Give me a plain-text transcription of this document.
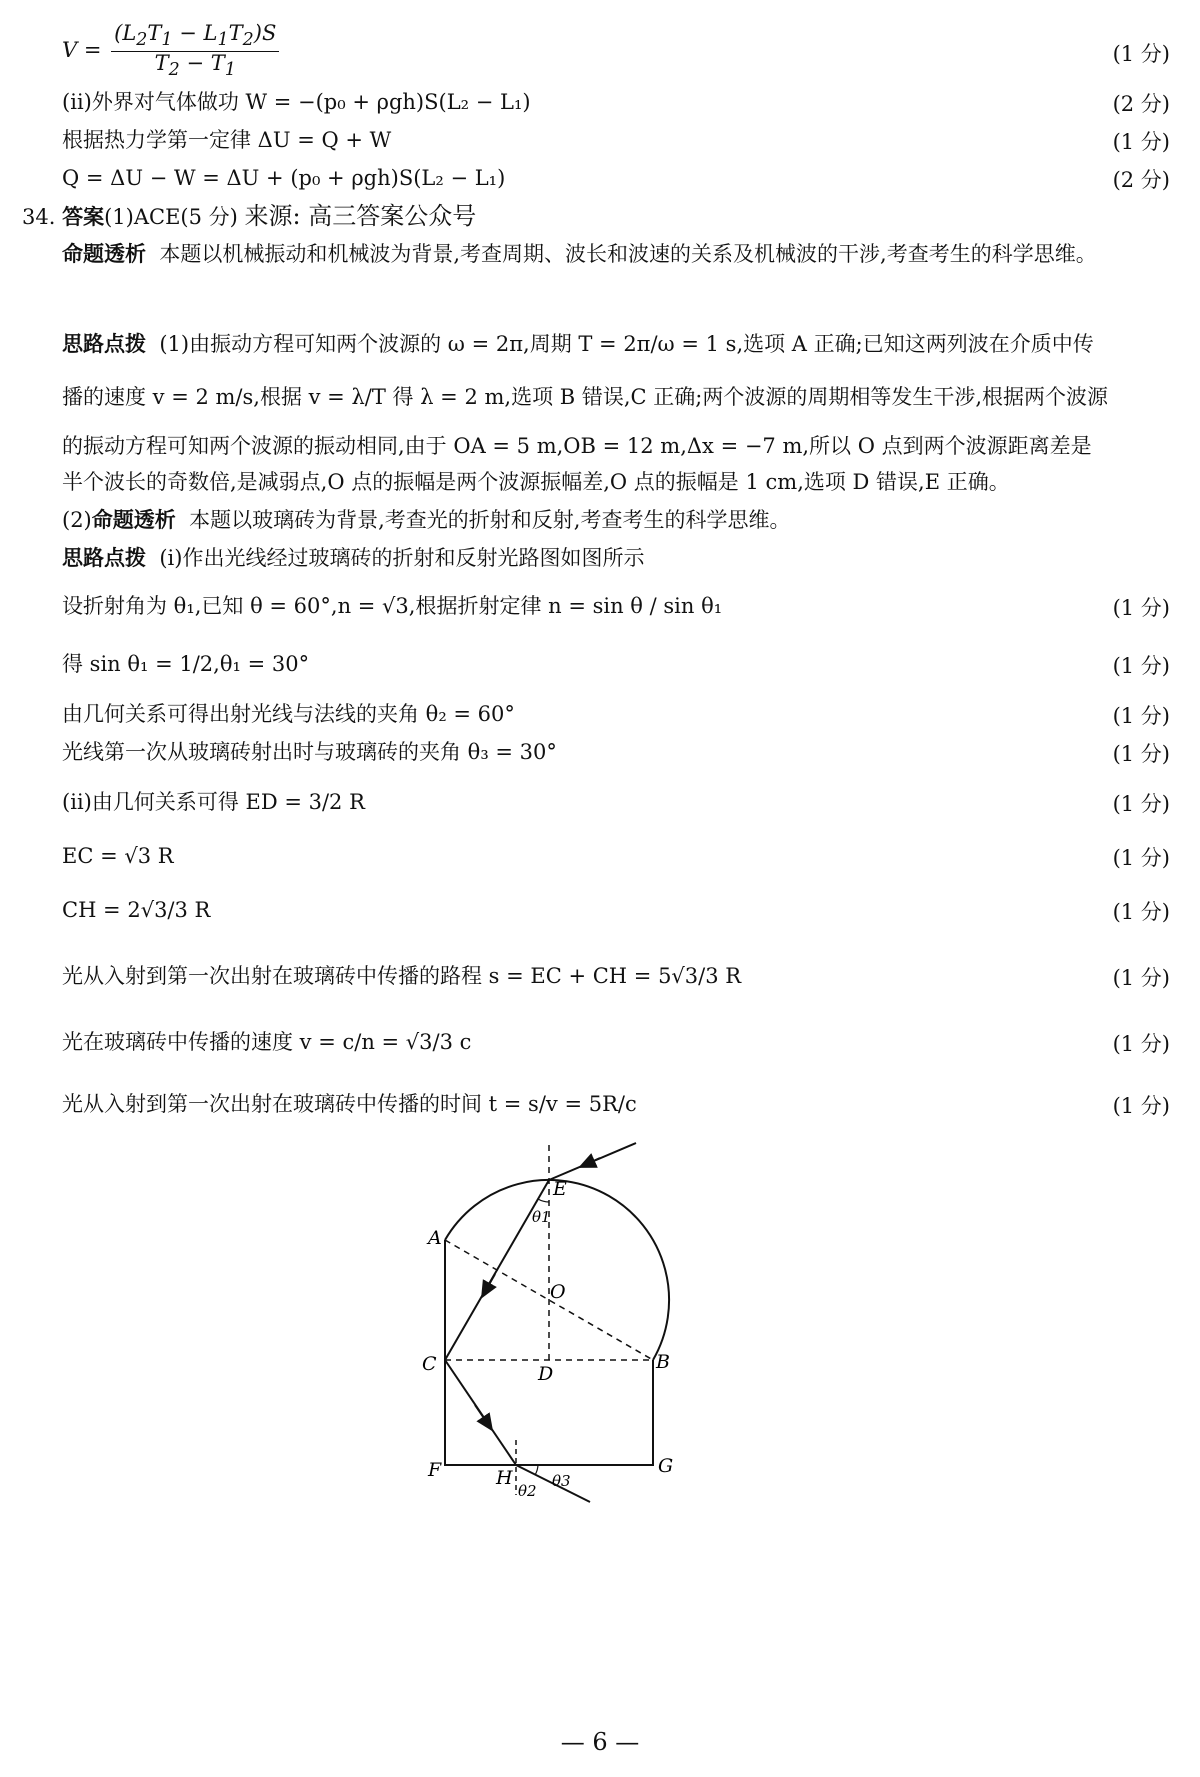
$V = \frac{(L_2T_1 - L_1T_2)S}{T_2 - T_1}$	(1 分)
(ⅱ)外界对气体做功 W = −(p₀ + ρgh)S(L₂ − L₁)	(2 分)
根据热力学第一定律 ΔU = Q + W	(1 分)
Q = ΔU − W = ΔU + (p₀ + ρgh)S(L₂ − L₁)	(2 分)
34. 答案(1)ACE(5 分) 来源: 高三答案公众号
命题透析 本题以机械振动和机械波为背景,考查周期、波长和波速的关系及机械波的干涉,考查考生的科学思维。
思路点拨 (1)由振动方程可知两个波源的 ω = 2π,周期 T = 2π/ω = 1 s,选项 A 正确;已知这两列波在介质中传
播的速度 v = 2 m/s,根据 v = λ/T 得 λ = 2 m,选项 B 错误,C 正确;两个波源的周期相等发生干涉,根据两个波源
的振动方程可知两个波源的振动相同,由于 OA = 5 m,OB = 12 m,Δx = −7 m,所以 O 点到两个波源距离差是
半个波长的奇数倍,是减弱点,O 点的振幅是两个波源振幅差,O 点的振幅是 1 cm,选项 D 错误,E 正确。
(2)命题透析 本题以玻璃砖为背景,考查光的折射和反射,考查考生的科学思维。
思路点拨 (ⅰ)作出光线经过玻璃砖的折射和反射光路图如图所示
设折射角为 θ₁,已知 θ = 60°,n = √3,根据折射定律 n = sin θ / sin θ₁	(1 分)
得 sin θ₁ = 1/2,θ₁ = 30°	(1 分)
由几何关系可得出射光线与法线的夹角 θ₂ = 60°	(1 分)
光线第一次从玻璃砖射出时与玻璃砖的夹角 θ₃ = 30°	(1 分)
(ⅱ)由几何关系可得 ED = 3/2 R	(1 分)
EC = √3 R	(1 分)
CH = 2√3/3 R	(1 分)
光从入射到第一次出射在玻璃砖中传播的路程 s = EC + CH = 5√3/3 R	(1 分)
光在玻璃砖中传播的速度 v = c/n = √3/3 c	(1 分)
光从入射到第一次出射在玻璃砖中传播的时间 t = s/v = 5R/c	(1 分)
A
E
θ1
O
C	D
B
F	G
H
θ2
θ3
— 6 —
